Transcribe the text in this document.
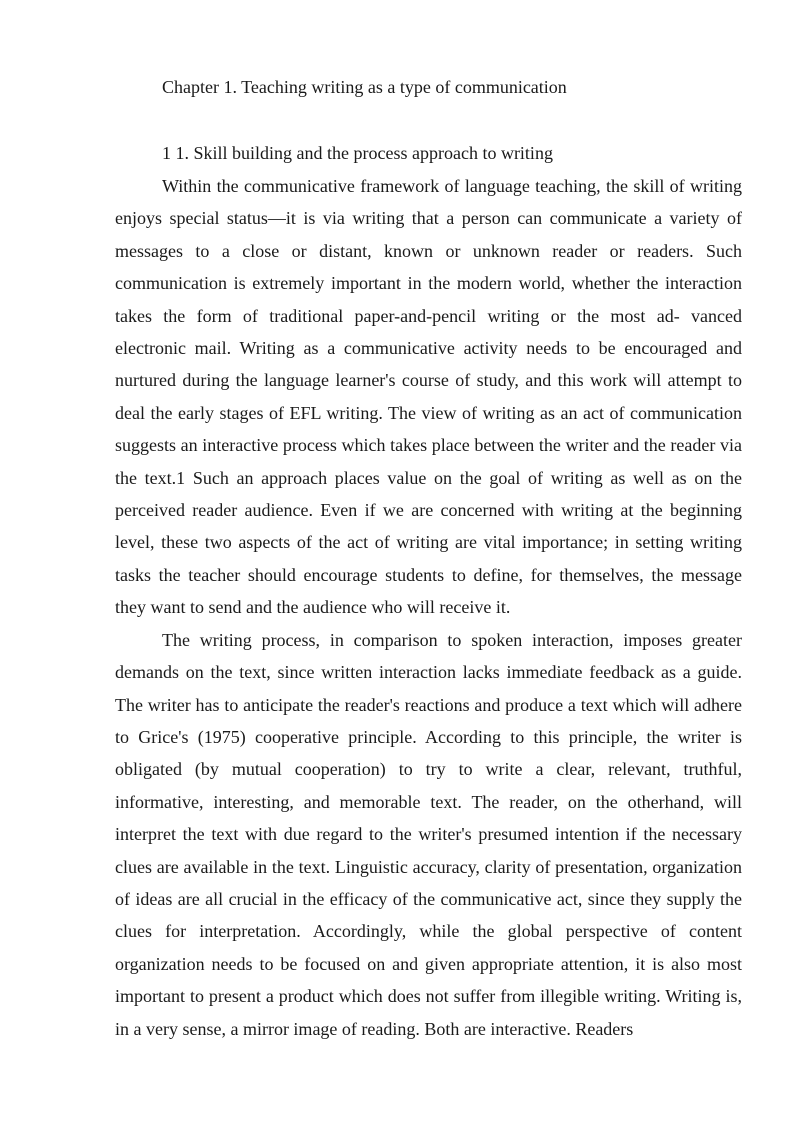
Chapter 1. Teaching writing as a type of communication
1 1. Skill building and the process approach to writing

Within the communicative framework of language teaching, the skill of writing enjoys special status—it is via writing that a person can communicate a variety of messages to a close or distant, known or unknown reader or readers. Such communication is extremely important in the modern world, whether the interaction takes the form of traditional paper-and-pencil writing or the most ad- vanced electronic mail. Writing as a communicative activity needs to be encouraged and nurtured during the language learner's course of study, and this work will attempt to deal the early stages of EFL writing. The view of writing as an act of communication suggests an interactive process which takes place between the writer and the reader via the text.1 Such an approach places value on the goal of writing as well as on the perceived reader audience. Even if we are concerned with writing at the beginning level, these two aspects of the act of writing are vital importance; in setting writing tasks the teacher should encourage students to define, for themselves, the message they want to send and the audience who will receive it.

The writing process, in comparison to spoken interaction, imposes greater demands on the text, since written interaction lacks immediate feedback as a guide. The writer has to anticipate the reader's reactions and produce a text which will adhere to Grice's (1975) cooperative principle. According to this principle, the writer is obligated (by mutual cooperation) to try to write a clear, relevant, truthful, informative, interesting, and memorable text. The reader, on the otherhand, will interpret the text with due regard to the writer's presumed intention if the necessary clues are available in the text. Linguistic accuracy, clarity of presentation, organization of ideas are all crucial in the efficacy of the communicative act, since they supply the clues for interpretation. Accordingly, while the global perspective of content organization needs to be focused on and given appropriate attention, it is also most important to present a product which does not suffer from illegible writing. Writing is, in a very sense, a mirror image of reading. Both are interactive. Readers
